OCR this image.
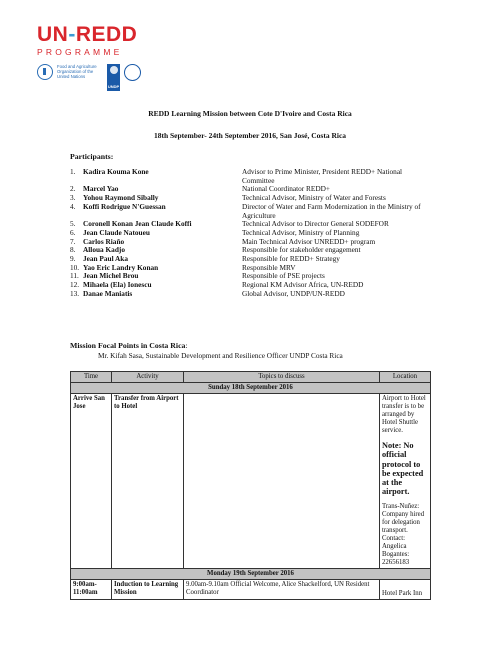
UN-REDD
PROGRAMME
Food and Agriculture Organization of the United Nations
UNDP
REDD Learning Mission between Cote D'Ivoire and Costa Rica
18th September- 24th September 2016, San José, Costa Rica
Participants:
1.	Kadira Kouma Kone	Advisor to Prime Minister, President REDD+ National Committee
2.	Marcel Yao	National Coordinator REDD+
3.	Yohou Raymond Sibally	Technical Advisor, Ministry of Water and Forests
4.	Koffi Rodrigue N'Guessan	Director of Water and Farm Modernization in the Ministry of Agriculture
5.	Coronell Konan Jean Claude Koffi	Technical Advisor to Director General SODEFOR
6.	Jean Claude Natoueu	Technical Advisor, Ministry of Planning
7.	Carlos Riaño	Main Technical Advisor UNREDD+ program
8.	Alloua Kadjo	Responsible for stakeholder engagement
9.	Jean Paul Aka	Responsible for REDD+ Strategy
10. Yao Eric Landry Konan	Responsible MRV
11. Jean Michel Brou	Responsible of PSE projects
12. Mihaela (Ela) Ionescu	Regional KM Advisor Africa, UN-REDD
13. Danae Maniatis	Global Advisor, UNDP/UN-REDD
Mission Focal Points in Costa Rica:
Mr. Kifah Sasa, Sustainable Development and Resilience Officer UNDP Costa Rica
Time	Activity	Topics to discuss	Location
Sunday 18th September 2016			
Arrive San Jose	Transfer from Airport to Hotel		Airport to Hotel transfer is to be arranged by Hotel Shuttle service.
Note: No official protocol to be expected at the airport.
Trans-Nuñez: Company hired for delegation transport. Contact: Angelica Bogantes: 22656183

Monday 19th September 2016			
9:00am-11:00am	Induction to Learning Mission	9.00am-9.10am Official Welcome, Alice Shackelford, UN Resident Coordinator	Hotel Park Inn
